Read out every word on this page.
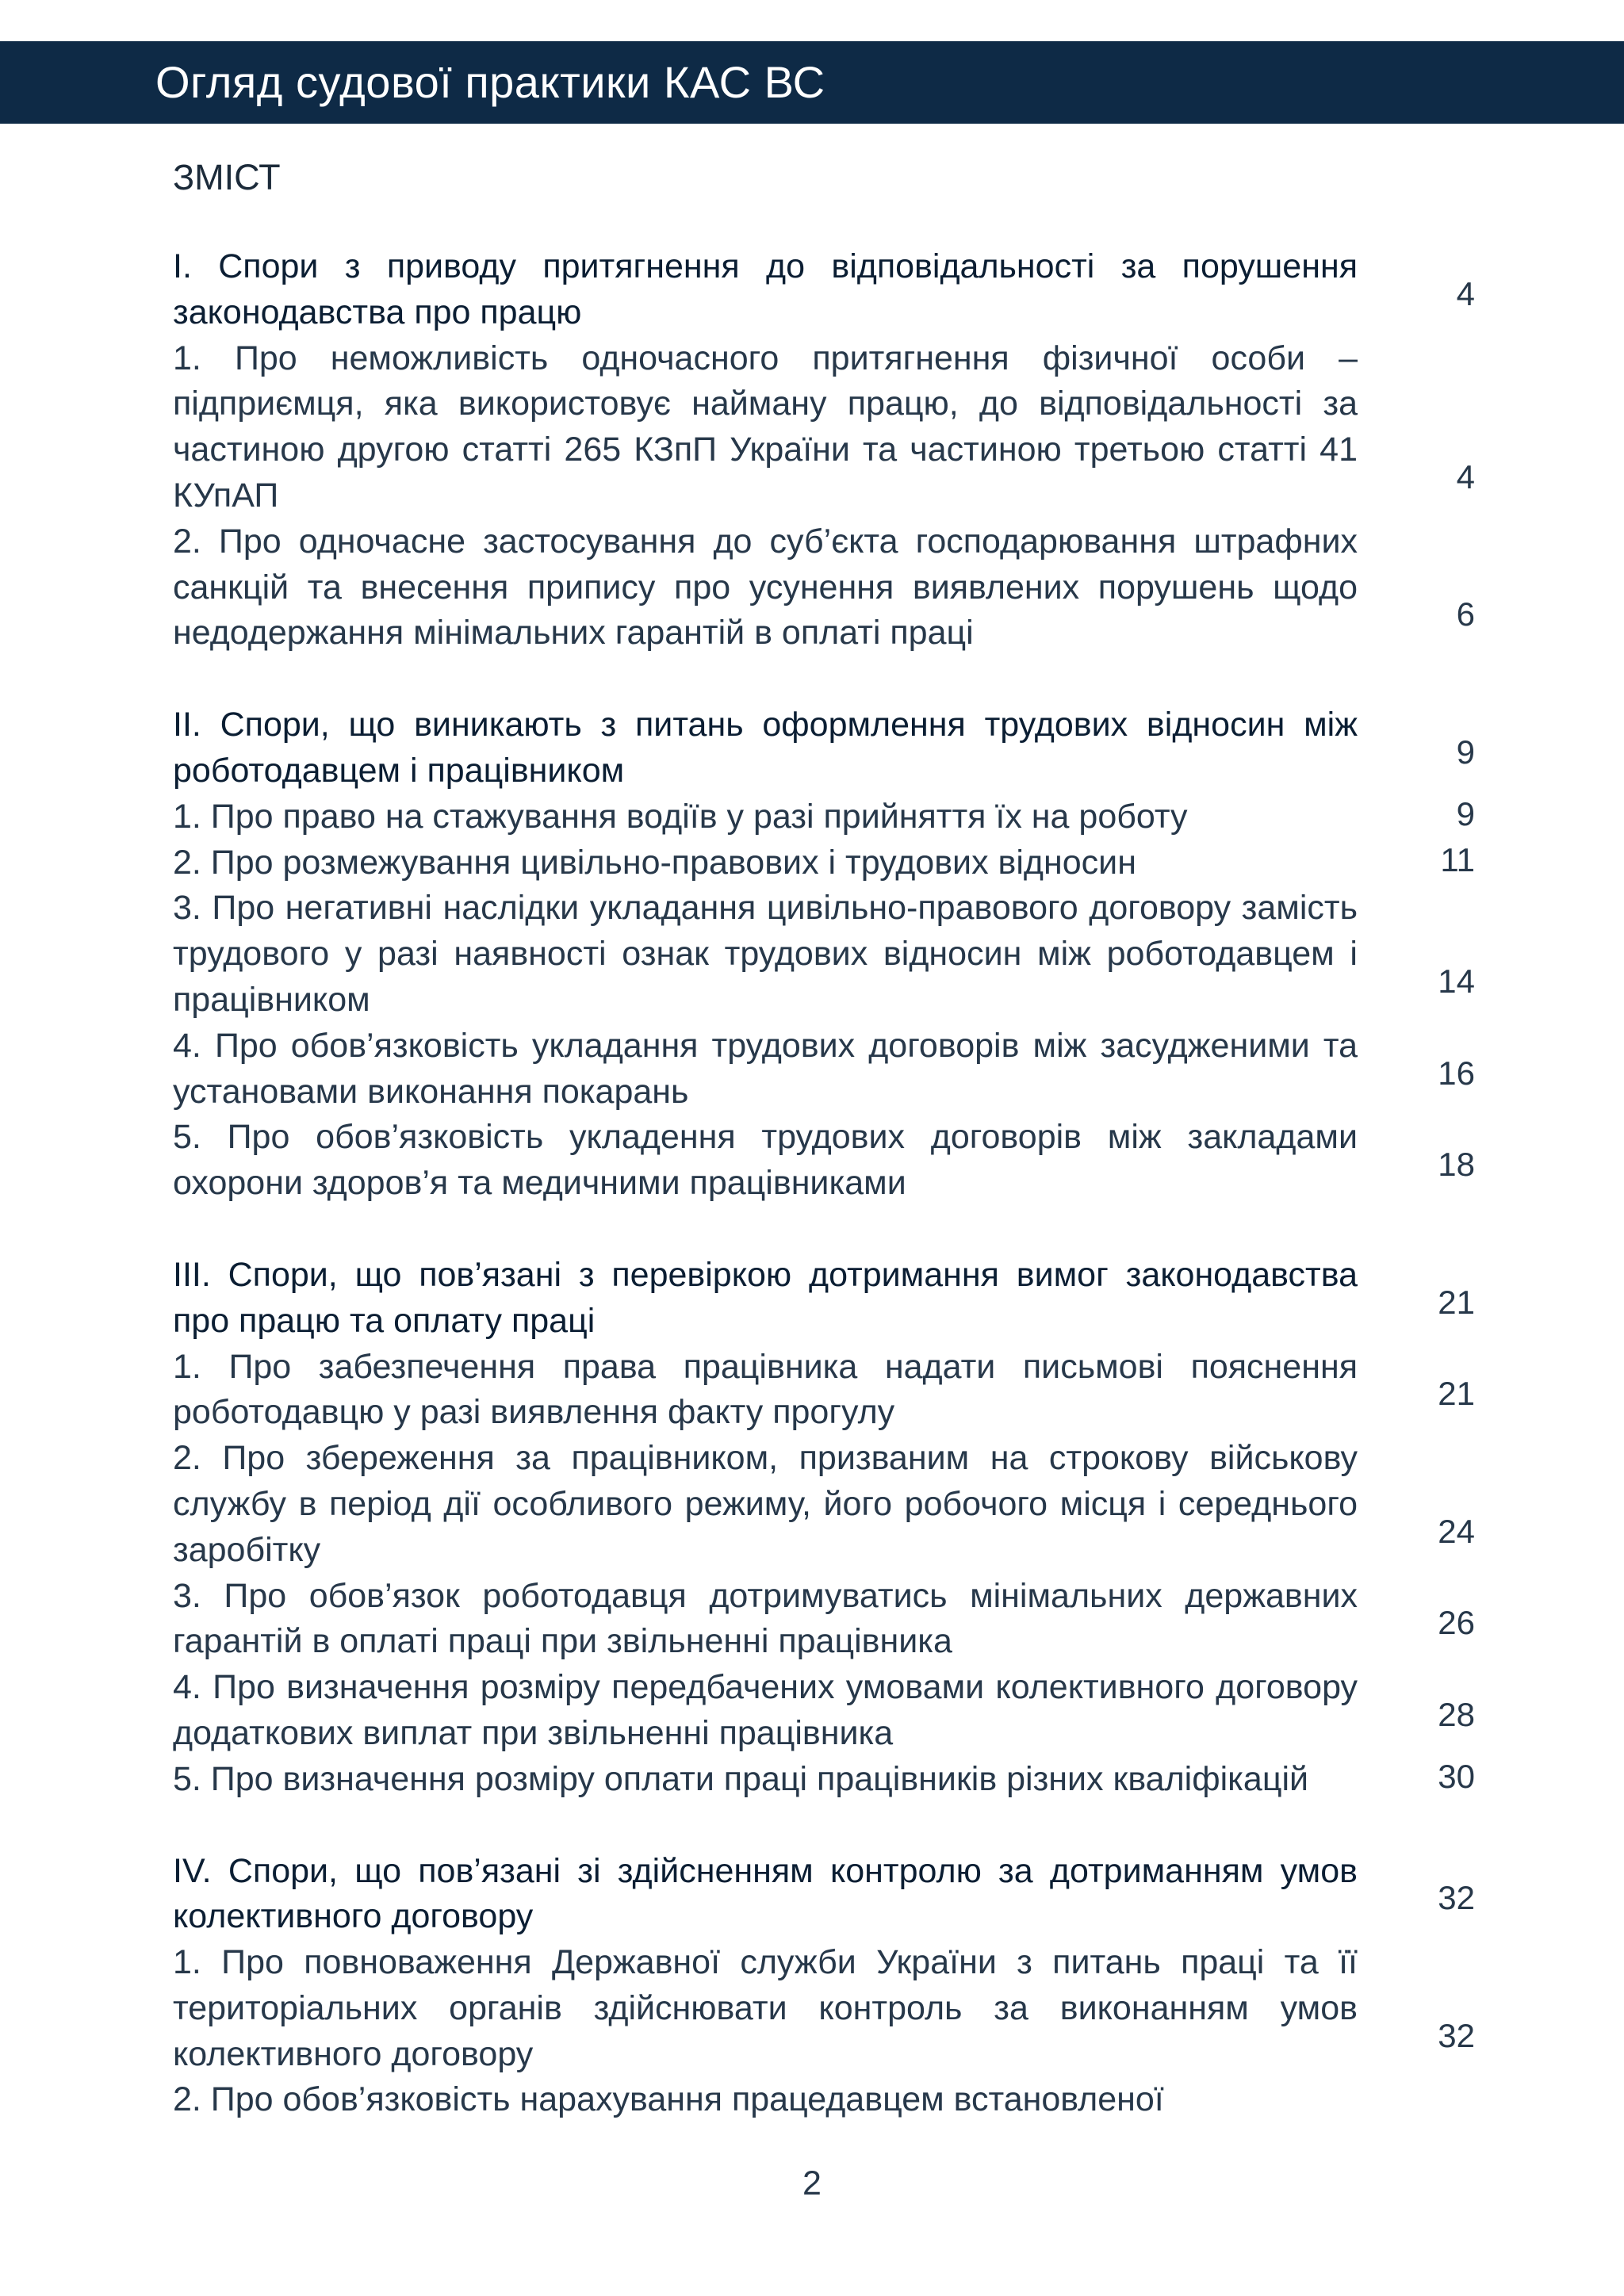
Огляд судової практики КАС ВС
ЗМІСТ
І. Спори з приводу притягнення до відповідальності за порушення законодавства про працю	4
1. Про неможливість одночасного притягнення фізичної особи – підприємця, яка використовує найману працю, до відповідальності за частиною другою статті 265 КЗпП України та частиною третьою статті 41 КУпАП	4
2. Про одночасне застосування до суб’єкта господарювання штрафних санкцій та внесення припису про усунення виявлених порушень щодо недодержання мінімальних гарантій в оплаті праці	6
ІІ. Спори, що виникають з питань оформлення трудових відносин між роботодавцем і працівником	9
1. Про право на стажування водіїв у разі прийняття їх на роботу	9
2. Про розмежування цивільно-правових і трудових відносин	11
3. Про негативні наслідки укладання цивільно-правового договору замість трудового у разі наявності ознак трудових відносин між роботодавцем і працівником	14
4. Про обов’язковість укладання трудових договорів між засудженими та установами виконання покарань	16
5. Про обов’язковість укладення трудових договорів між закладами охорони здоров’я та медичними працівниками	18
ІІІ. Спори, що пов’язані з перевіркою дотримання вимог законодавства про працю та оплату праці	21
1. Про забезпечення права працівника надати письмові пояснення роботодавцю у разі виявлення факту прогулу	21
2. Про збереження за працівником, призваним на строкову військову службу в період дії особливого режиму, його робочого місця і середнього заробітку	24
3. Про обов’язок роботодавця дотримуватись мінімальних державних гарантій в оплаті праці при звільненні працівника	26
4. Про визначення розміру передбачених умовами колективного договору додаткових виплат при звільненні працівника	28
5. Про визначення розміру оплати праці працівників різних кваліфікацій	30
IV. Спори, що пов’язані зі здійсненням контролю за дотриманням умов колективного договору	32
1. Про повноваження Державної служби України з питань праці та її територіальних органів здійснювати контроль за виконанням умов колективного договору	32
2. Про обов’язковість нарахування працедавцем встановленої
2
